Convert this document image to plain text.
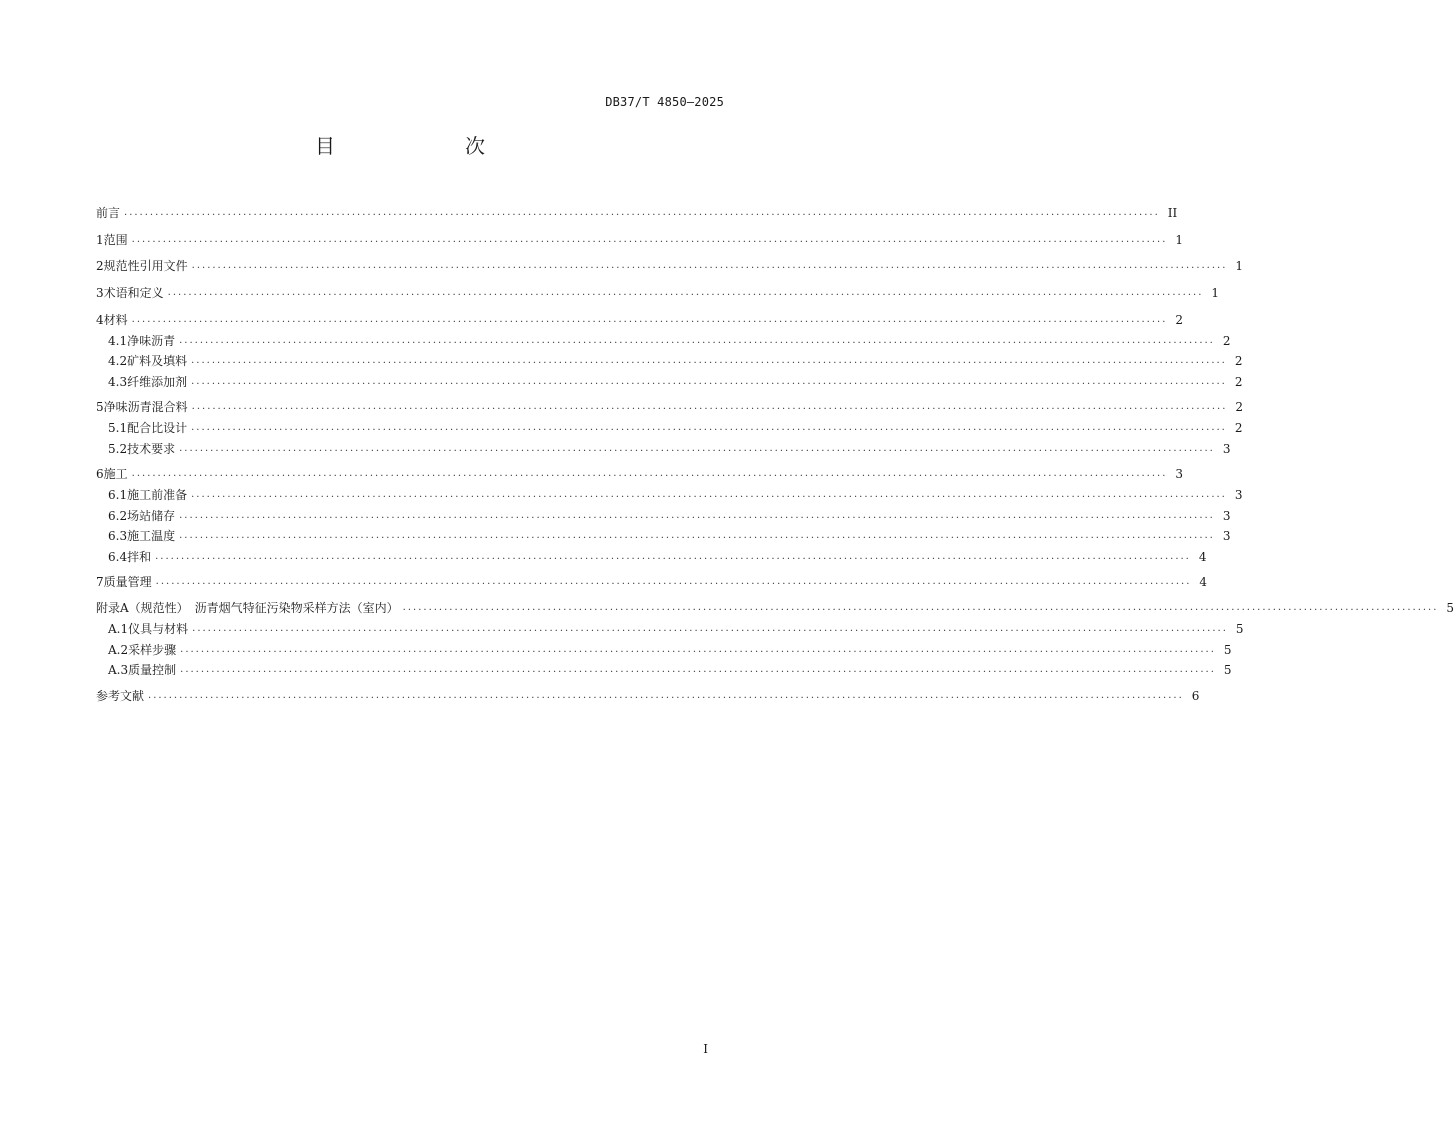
DB37/T 4850—2025
目　　次
前言 ........................................................................................................................................................................................................ II
1 范围 ........................................................................................................................................................................................................ 1
2 规范性引用文件 ........................................................................................................................................................................................................ 1
3 术语和定义 ........................................................................................................................................................................................................ 1
4 材料 ........................................................................................................................................................................................................ 2
4.1 净味沥青 ........................................................................................................................................................................................................ 2
4.2 矿料及填料 ........................................................................................................................................................................................................ 2
4.3 纤维添加剂 ........................................................................................................................................................................................................ 2
5 净味沥青混合料 ........................................................................................................................................................................................................ 2
5.1 配合比设计 ........................................................................................................................................................................................................ 2
5.2 技术要求 ........................................................................................................................................................................................................ 3
6 施工 ........................................................................................................................................................................................................ 3
6.1 施工前准备 ........................................................................................................................................................................................................ 3
6.2 场站储存 ........................................................................................................................................................................................................ 3
6.3 施工温度 ........................................................................................................................................................................................................ 3
6.4 拌和 ........................................................................................................................................................................................................ 4
7 质量管理 ........................................................................................................................................................................................................ 4
附录A（规范性）　沥青烟气特征污染物采样方法（室内） ........................................................................................................................................................................................................ 5
A.1 仪具与材料 ........................................................................................................................................................................................................ 5
A.2 采样步骤 ........................................................................................................................................................................................................ 5
A.3 质量控制 ........................................................................................................................................................................................................ 5
参考文献 ........................................................................................................................................................................................................ 6
I
